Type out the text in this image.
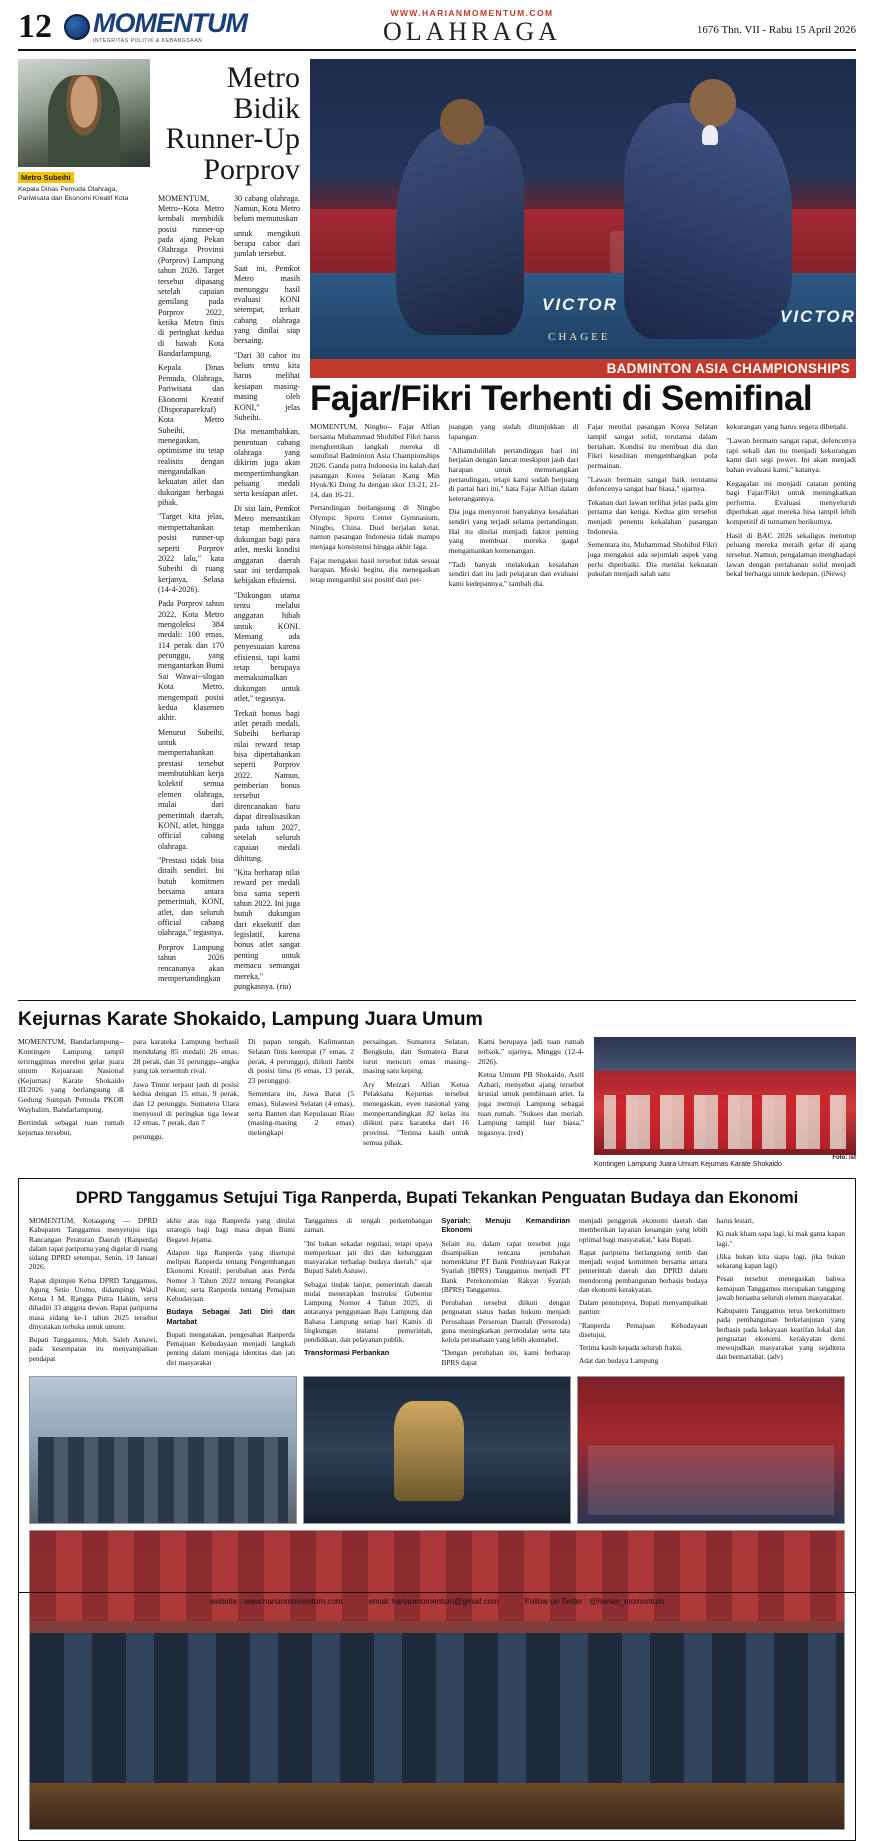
12 MOMENTUM
INTEGRITAS POLITIK & KEBANGSAAN
WWW.HARIANMOMENTUM.COM
OLAHRAGA	1676 Thn. VII - Rabu 15 April 2026
Metro Subeihi
Kepala Dinas Pemuda Olahraga, Pariwisata dan Ekonomi Kreatif Kota
Metro Bidik Runner-Up Porprov

MOMENTUM, Metro--Kota Metro kembali membidik posisi runner-up pada ajang Pekan Olahraga Provinsi (Porprov) Lampung tahun 2026. Target tersebut dipasang setelah capaian gemilang pada Porprov 2022, ketika Metro finis di peringkat kedua di bawah Kota Bandarlampung.

Kepala Dinas Pemuda, Olahraga, Pariwisata dan Ekonomi Kreatif (Disporaparekraf) Kota Metro Subeihi, menegaskan, optimisme itu tetap realistis dengan mengandalkan kekuatan atlet dan dukungan berbagai pihak.

"Target kita jelas, mempertahankan posisi runner-up seperti Porprov 2022 lalu," kata Subeihi di ruang kerjanya, Selasa (14-4-2026).

Pada Porprov tahun 2022, Kota Metro mengoleksi 384 medali: 100 emas, 114 perak dan 170 perunggu, yang mengantarkan Bumi Sai Wawai--slogan Kota Metro, mengempati posisi kedua klasemen akhir.

Menurut Subeihi, untuk mempertahankan prestasi tersebut membutuhkan kerja kolektif semua elemen olahraga, mulai dari pemerintah daerah, KONI, atlet, hingga official cabang olahraga.

"Prestasi tidak bisa diraih sendiri. Ini butuh komitmen bersama antara pemerintah, KONI, atlet, dan seluruh official cabang olahraga," tegasnya.

Porprov Lampung tahun 2026 rencananya akan mempertandingkan 30 cabang olahraga. Namun, Kota Metro belum memutuskan

untuk mengikuti berapa cabor dari jumlah tersebut.

Saat ini, Pemkot Metro masih menunggu hasil evaluasi KONI setempat, terkait cabang olahraga yang dinilai siap bersaing.

"Dari 30 cabor itu belum tentu kita harus melihat kesiapan masing-masing oleh KONI," jelas Subeihi.

Dia menambahkan, penentuan cabang olahraga yang dikirim juga akan mempertimbangkan peluang medali serta kesiapan atlet.

Di sisi lain, Pemkot Metro memastikan tetap memberikan dukungan bagi para atlet, meski kondisi anggaran daerah saat ini terdampak kebijakan efisiensi.

"Dukungan utama tentu melalui anggaran hibah untuk KONI. Memang ada penyesuaian karena efisiensi, tapi kami tetap berupaya memaksimalkan dukungan untuk atlet," tegasnya.

Terkait bonus bagi atlet peraih medali, Subeihi berharap nilai reward tetap bisa dipertahankan seperti Porprov 2022. Namun, pemberian bonus tersebut direncanakan baru dapat direalisasikan pada tahun 2027, setelah seluruh capaian medali dihitung.

"Kita berharap nilai reward per medali bisa sama seperti tahun 2022. Ini juga butuh dukungan dari eksekutif dan legislatif, karena bonus atlet sangat penting untuk memacu semangat mereka," pungkasnya. (rio)

VICTOR
VICTOR
CHAGEE
BADMINTON ASIA CHAMPIONSHIPS
Fajar/Fikri Terhenti di Semifinal

MOMENTUM, Ningbo-- Fajar Alfian bersama Muhammad Shohibul Fikri harus menghentikan langkah mereka di semifinal Badminton Asia Championships 2026. Ganda putra Indonesia itu kalah dari pasangan Korea Selatan Kang Min Hyuk/Ki Dong Ju dengan skor 13-21, 21-14, dan 16-21.

Pertandingan berlangsung di Ningbo Olympic Sports Center Gymnasium, Ningbo, China. Duel berjalan ketat, namun pasangan Indonesia tidak mampu menjaga konsistensi hingga akhir laga.

Fajar mengakui hasil tersebut tidak sesuai harapan. Meski begitu, dia menegaskan tetap mengambil sisi positif dari per-

juangan yang sudah ditunjukkan di lapangan.

"Alhamdulillah pertandingan hari ini berjalan dengan lancar meskipun jauh dari harapan untuk memenangkan pertandingan, tetapi kami sudah berjuang di partai hari ini," kata Fajar Alfian dalam keterangannya.

Dia juga menyoroti banyaknya kesalahan sendiri yang terjadi selama pertandingan. Hal itu dinilai menjadi faktor penting yang membuat mereka gagal mengamankan kemenangan.

"Tadi banyak melakukan kesalahan sendiri dan itu jadi pelajaran dan evaluasi kami kedepannya," tambah dia.

Fajar menilai pasangan Korea Selatan tampil sangat solid, terutama dalam bertahan. Kondisi itu membuat dia dan Fikri kesulitan mengembangkan pola permainan.

"Lawan bermain sangat baik terutama defencenya sangat luar biasa," ujarnya.

Tekanan dari lawan terlihat jelas pada gim pertama dan ketiga. Kedua gim tersebut menjadi penentu kekalahan pasangan Indonesia.

Sementara itu, Muhammad Shohibul Fikri juga mengakui ada sejumlah aspek yang perlu diperbaiki. Dia menilai kekuatan pukulan menjadi salah satu

kekurangan yang harus segera dibenahi.

"Lawan bermain sangat rapat, defencenya rapi sekali dan itu menjadi kekurangan kami dari segi power. Ini akan menjadi bahan evaluasi kami," katanya.

Kegagalan ini menjadi catatan penting bagi Fajar/Fikri untuk meningkatkan performa. Evaluasi menyeluruh diperlukan agar mereka bisa tampil lebih kompetitif di turnamen berikutnya.

Hasil di BAC 2026 sekaligus menutup peluang mereka meraih gelar di ajang tersebut. Namun, pengalaman menghadapi lawan dengan pertahanan solid menjadi bekal berharga untuk kedepan. (iNews)

Kejurnas Karate Shokaido, Lampung Juara Umum

MOMENTUM, Bandarlampung--Kontingen Lampung tampil terirnggimas merebut gelar juara umum Kejuaraan Nasional (Kejurnas) Karate Shokaido III/2026 yang berlangsung di Gedung Sumpah Pemuda PKOR Wayhalim, Bandarlampung.

Bertindak sebagai tuan rumah kejurnas tersebut,

para karateka Lampung berhasil mendulang 85 medali: 26 emas, 28 perak, dan 31 perunggu--angka yang tak tersentuh rival.

Jawa Timur terpaut jauh di posisi kedua dengan 15 emas, 9 perak, dan 12 perunggu. Sumatera Utara menyusul di peringkat tiga lewat 12 emas, 7 perak, dan 7

perunggu.

Di papan tengah, Kalimantan Selatan finis keempat (7 emas, 2 perak, 4 perunggu), diikuti Jambi di posisi lima (6 emas, 13 perak, 23 perunggu).

Sementara itu, Jawa Barat (5 emas), Sulawesi Selatan (4 emas), serta Banten dan Kepulauan Riau (masing-masing 2 emas) melengkapi

persaingan. Sumatera Selatan, Bengkulu, dan Sumatera Barat turut mencuri emas masing-masing satu keping.

Ary Meizari Alfian Ketua Pelaksana Kejurnas tersebut menegaskan, even nasional yang mempertandingkan 82 kelas itu diikuti para karateka dari 16 provinsi. "Terima kasih untuk semua pihak.

Kami berupaya jadi tuan rumah terbaik," ujarnya, Minggu (12-4-2026).

Ketua Umum PB Shokaido, Asril Azhari, menyebut ajang tersebut krusial untuk pembinaan atlet. Ia juga memuji Lampung sebagai tuan rumah. "Sukses dan meriah. Lampung tampil luar biasa," tegasnya. (red)

Foto: ist
Kontingen Lampung Juara Umum Kejurnas Karate Shokaido
DPRD Tanggamus Setujui Tiga Ranperda, Bupati Tekankan Penguatan Budaya dan Ekonomi

MOMENTUM, Kotaagung — DPRD Kabupaten Tanggamus menyetujui tiga Rancangan Peraturan Daerah (Ranperda) dalam rapat paripurna yang digelar di ruang sidang DPRD setempat, Senin, 19 Januari 2026.

Rapat dipimpin Ketua DPRD Tanggamus, Agung Setio Utomo, didampingi Wakil Ketua I M. Rangga Putra Hakim, serta dihadiri 33 anggota dewan. Rapat paripurna masa sidang ke-1 tahun 2025 tersebut dinyatakan terbuka untuk umum.

Bupati Tanggamus, Moh. Saleh Asnawi, pada kesempatan itu menyampaikan pendapat

akhir atas tiga Ranperda yang dinilai strategis bagi bagi masa depan Bumi Begawi Jejama.

Adapun tiga Ranperda yang disetujui meliputi Ranperda tentang Pengembangan Ekonomi Kreatif; perubahan atas Perda Nomor 3 Tahun 2022 tentang Perangkat Pekon; serta Ranperda tentang Pemajuan Kebudayaan.

Budaya Sebagai Jati Diri dan Martabat

Bupati mengatakan, pengesahan Ranperda Pemajuan Kebudayaan menjadi langkah penting dalam menjaga identitas dan jati diri masyarakat

Tanggamus di tengah perkembangan zaman.

"Ini bukan sekadar regulasi, tetapi upaya memperkuat jati diri dan kebanggaan masyarakat terhadap budaya daerah," ujar Bupati Saleh Asnawi.

Sebagai tindak lanjut, pemerintah daerah mulai menerapkan Instruksi Gubernur Lampung Nomor 4 Tahun 2025, di antaranya penggunaan Baju Lampung dan Bahasa Lampung setiap hari Kamis di lingkungan instansi pemerintah, pendidikan, dan pelayanan publik.

Transformasi Perbankan

Syariah: Menuju Kemandirian Ekonomi

Selain itu, dalam rapat tersebut juga disampaikan rencana perubahan nomenklatur PT Bank Pembiayaan Rakyat Syariah (BPRS) Tanggamus menjadi PT Bank Perekonomian Rakyat Syariah (BPRS) Tanggamus.

Perubahan tersebut diikuti dengan penguatan status badan hukum menjadi Perusahaan Perseroan Daerah (Perseroda) guna meningkatkan permodalan serta tata kelola perusahaan yang lebih akuntabel.

"Dengan perubahan ini, kami berharap BPRS dapat

menjadi penggerak ekonomi daerah dan memberikan layanan keuangan yang lebih optimal bagi masyarakat," kata Bupati.

Rapat paripurna berlangsung tertib dan menjadi wujud komitmen bersama antara pemerintah daerah dan DPRD dalam mendorong pembangunan berbasis budaya dan ekonomi kerakyatan.

Dalam penutupnya, Bupati menyampaikan pantun:

"Ranperda Pemajuan Kebudayaan disetujui,

Terima kasih kepada seluruh fraksi.

Adat dan budaya Lampung

harus lestari,

Ki mak kham sapa lagi, ki mak ganta kapan lagi."

(Jika bukan kita siapa lagi, jika bukan sekarang kapan lagi)

Pesan tersebut menegaskan bahwa kemajuan Tanggamus merupakan tanggung jawab bersama seluruh elemen masyarakat.

Kabupaten Tanggamus terus berkomitmen pada pembangunan berkelanjutan yang berbasis pada kekayaan kearifan lokal dan penguatan ekonomi kerakyatan demi mewujudkan masyarakat yang sejahtera dan bermartabat. (adv)

website : www.harianmomentum.com	email: harianmomentum@gmail.com	Follow on Twiter : @harian_momentum
